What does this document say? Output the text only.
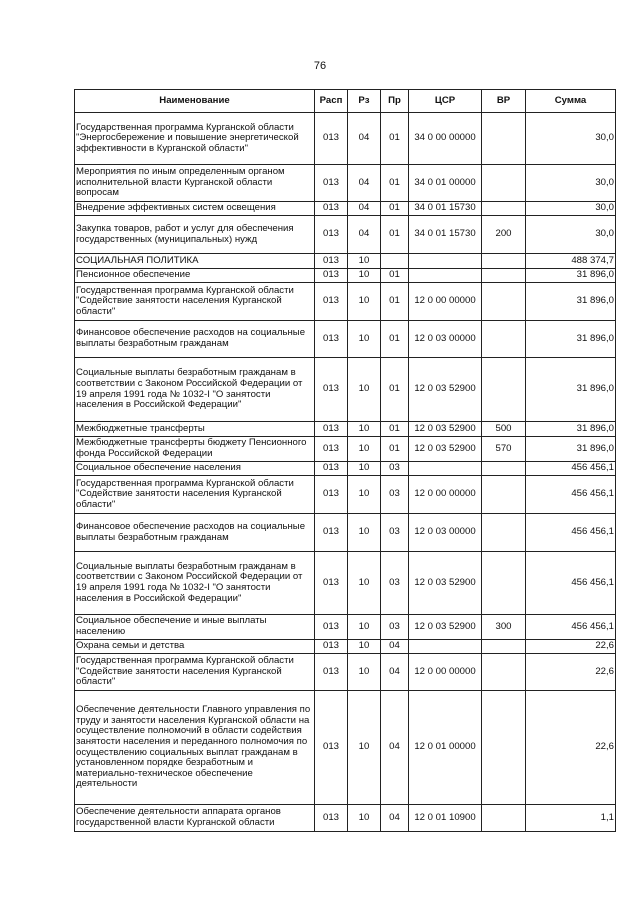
76
Наименование	Расп	Рз	Пр	ЦСР	ВР	Сумма
Государственная программа Курганской области "Энергосбережение и повышение энергетической эффективности в Курганской области"	013	04	01	34 0 00 00000		30,0
Мероприятия по иным определенным органом исполнительной власти Курганской области вопросам	013	04	01	34 0 01 00000		30,0
Внедрение эффективных систем освещения	013	04	01	34 0 01 15730		30,0
Закупка товаров, работ и услуг для обеспечения государственных (муниципальных) нужд	013	04	01	34 0 01 15730	200	30,0
СОЦИАЛЬНАЯ ПОЛИТИКА	013	10				488 374,7
Пенсионное обеспечение	013	10	01			31 896,0
Государственная программа Курганской области "Содействие занятости населения Курганской области"	013	10	01	12 0 00 00000		31 896,0
Финансовое обеспечение расходов на социальные выплаты безработным гражданам	013	10	01	12 0 03 00000		31 896,0
Социальные выплаты безработным гражданам в соответствии с Законом Российской Федерации от 19 апреля 1991 года № 1032-I "О занятости населения в Российской Федерации"	013	10	01	12 0 03 52900		31 896,0
Межбюджетные трансферты	013	10	01	12 0 03 52900	500	31 896,0
Межбюджетные трансферты бюджету Пенсионного фонда Российской Федерации	013	10	01	12 0 03 52900	570	31 896,0
Социальное обеспечение населения	013	10	03			456 456,1
Государственная программа Курганской области "Содействие занятости населения Курганской области"	013	10	03	12 0 00 00000		456 456,1
Финансовое обеспечение расходов на социальные выплаты безработным гражданам	013	10	03	12 0 03 00000		456 456,1
Социальные выплаты безработным гражданам в соответствии с Законом Российской Федерации от 19 апреля 1991 года № 1032-I "О занятости населения в Российской Федерации"	013	10	03	12 0 03 52900		456 456,1
Социальное обеспечение и иные выплаты населению	013	10	03	12 0 03 52900	300	456 456,1
Охрана семьи и детства	013	10	04			22,6
Государственная программа Курганской области "Содействие занятости населения Курганской области"	013	10	04	12 0 00 00000		22,6
Обеспечение деятельности Главного управления по труду и занятости населения Курганской области на осуществление полномочий в области содействия занятости населения и переданного полномочия по осуществлению социальных выплат гражданам в установленном порядке безработным и материально-техническое обеспечение деятельности	013	10	04	12 0 01 00000		22,6
Обеспечение деятельности аппарата органов государственной власти Курганской области	013	10	04	12 0 01 10900		1,1
